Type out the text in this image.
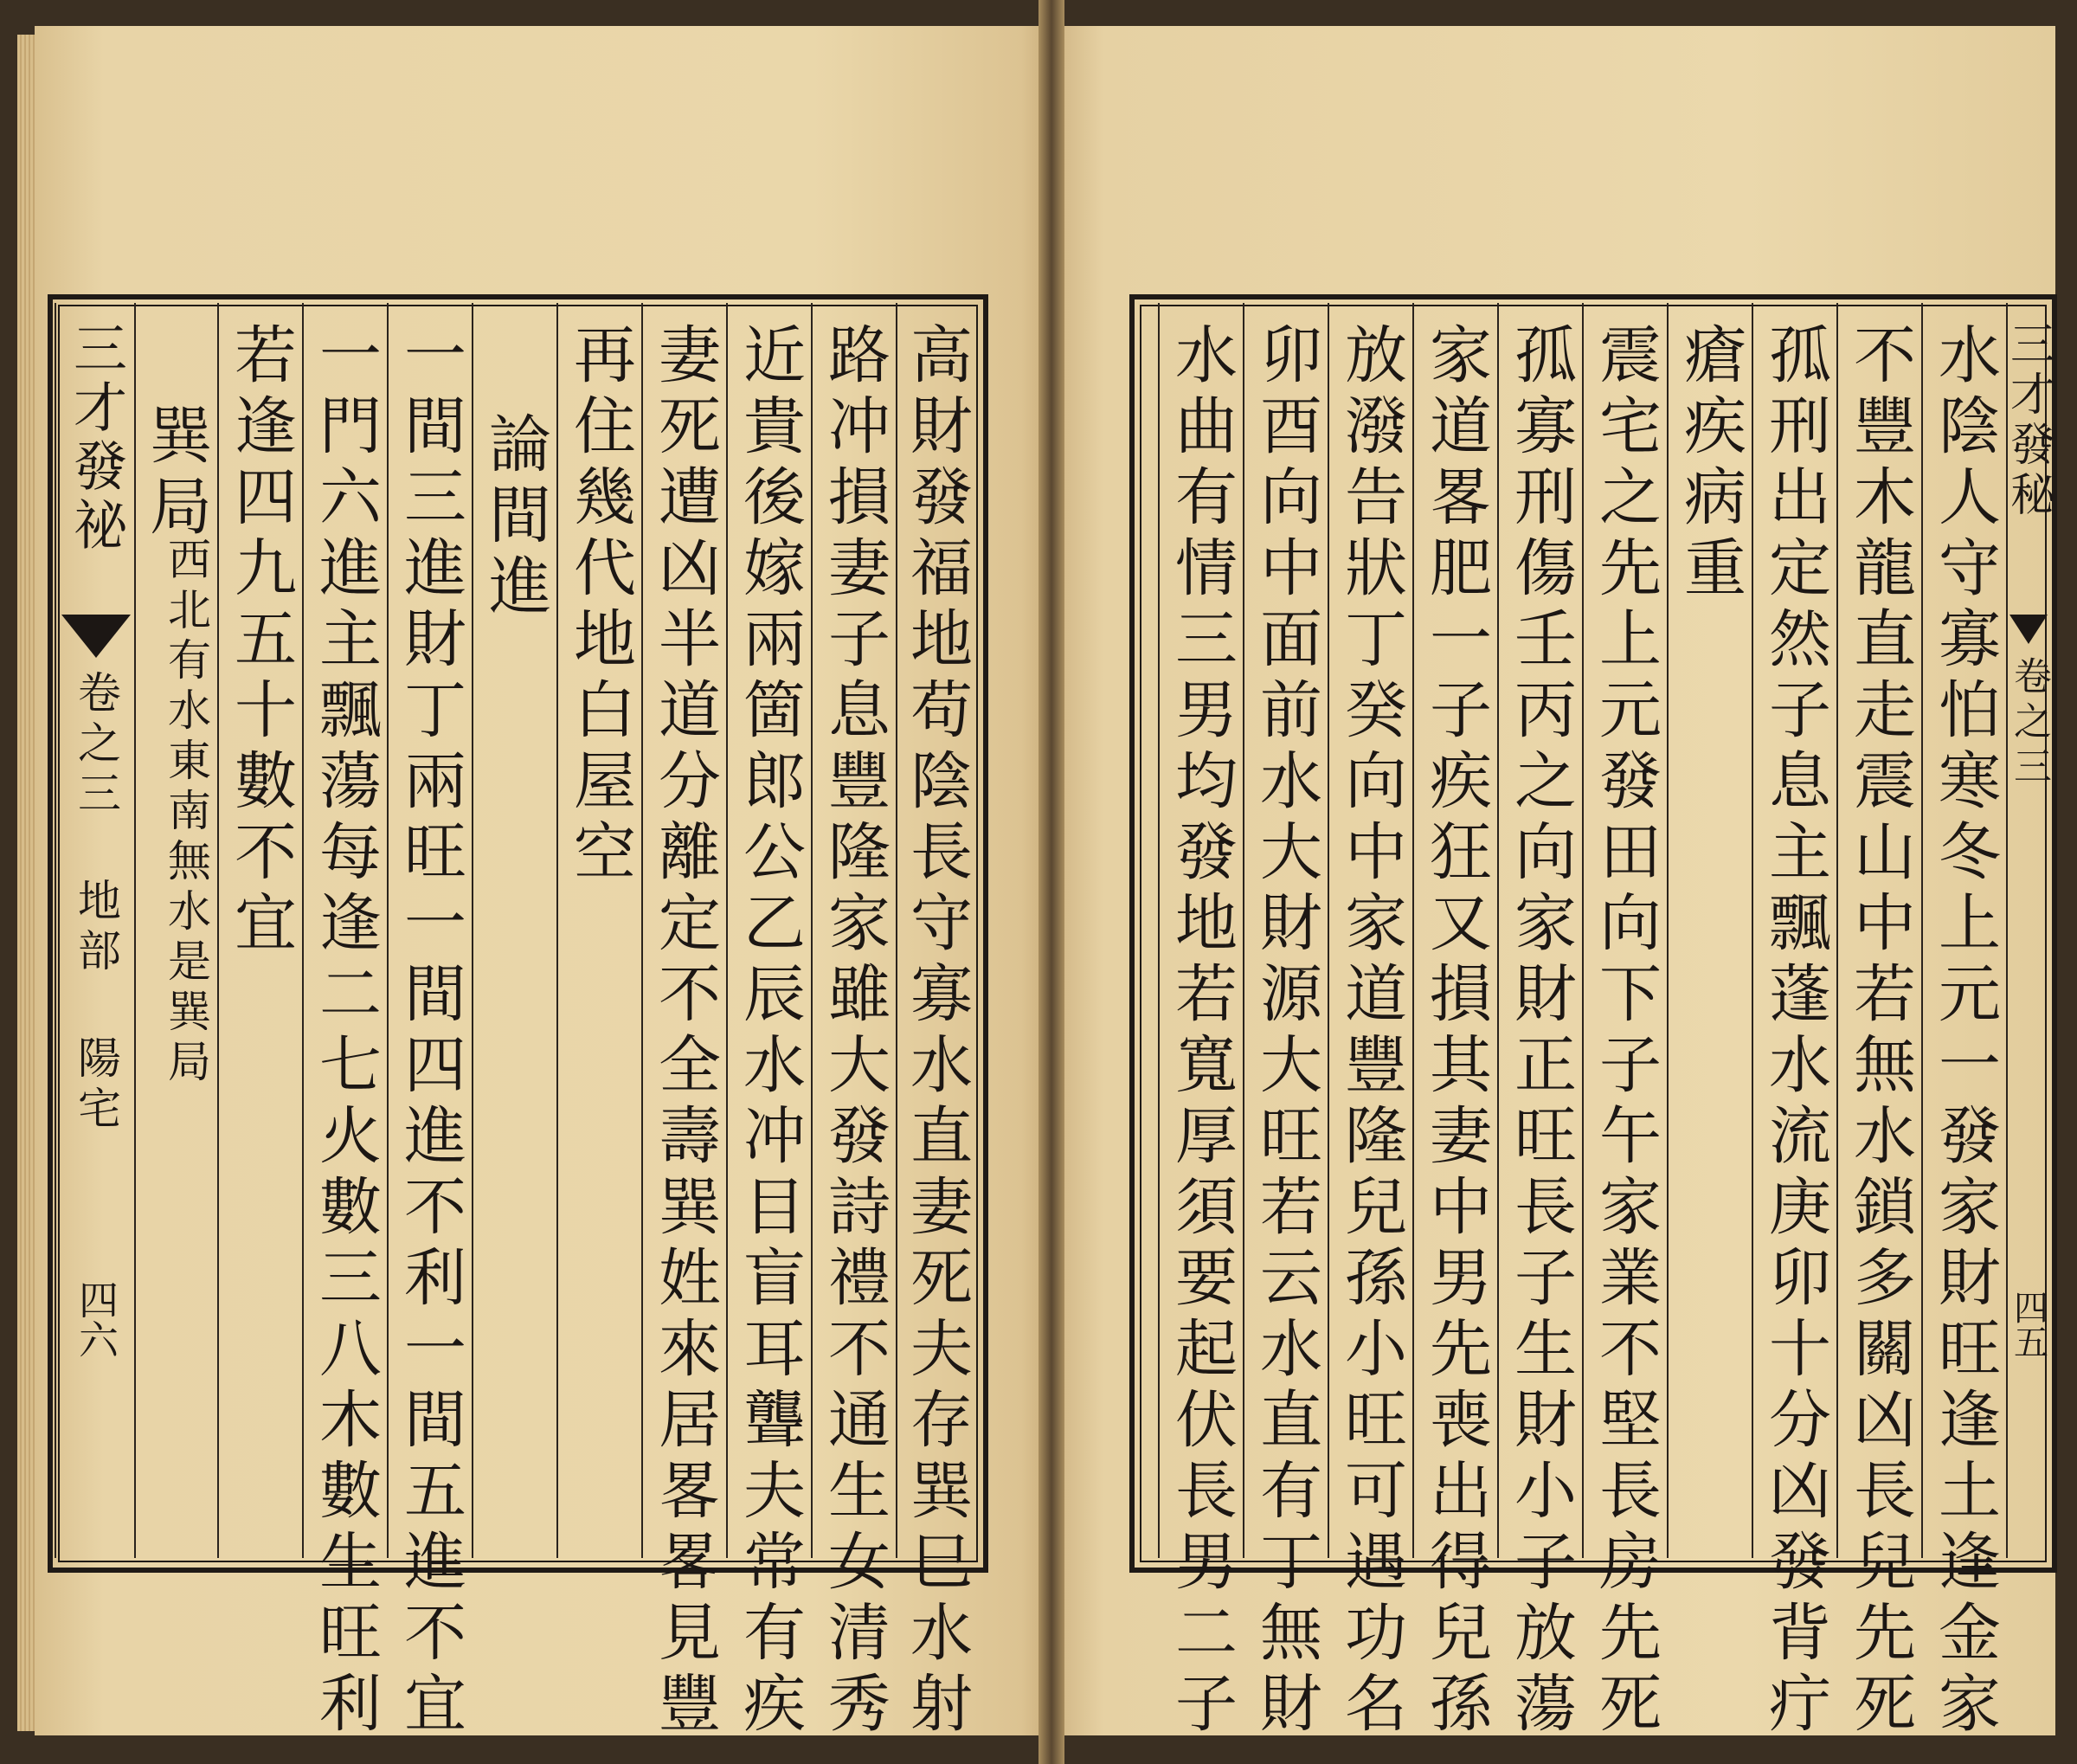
三才發祕
卷之三 地部 陽宅
四六	高財發福地苟陰長守寡水直妻死夫存巽巳水射
路冲損妻子息豐隆家雖大發詩禮不通生女清秀
近貴後嫁兩箇郎公乙辰水冲目盲耳聾夫常有疾
妻死遭凶半道分離定不全壽巽姓來居畧畧見豐
再住幾代地白屋空
論間進
一間三進財丁兩旺一間四進不利一間五進不宜
一門六進主飄蕩每逢二七火數三八木數生旺利
若逢四九五十數不宜
巽局
西北有水東南無水是巽局	水陰人守寡怕寒冬上元一發家財旺逢土逢金家
不豐木龍直走震山中若無水鎖多關凶長兒先死
孤刑出定然子息主飄蓬水流庚卯十分凶發背疔
瘡疾病重
震宅之先上元發田向下子午家業不堅長房先死
孤寡刑傷壬丙之向家財正旺長子生財小子放蕩
家道畧肥一子疾狂又損其妻中男先喪出得兒孫
放潑告狀丁癸向中家道豐隆兒孫小旺可遇功名
卯酉向中面前水大財源大旺若云水直有丁無財
水曲有情三男均發地若寬厚須要起伏長男二子	三才發秘
卷之三
四五
